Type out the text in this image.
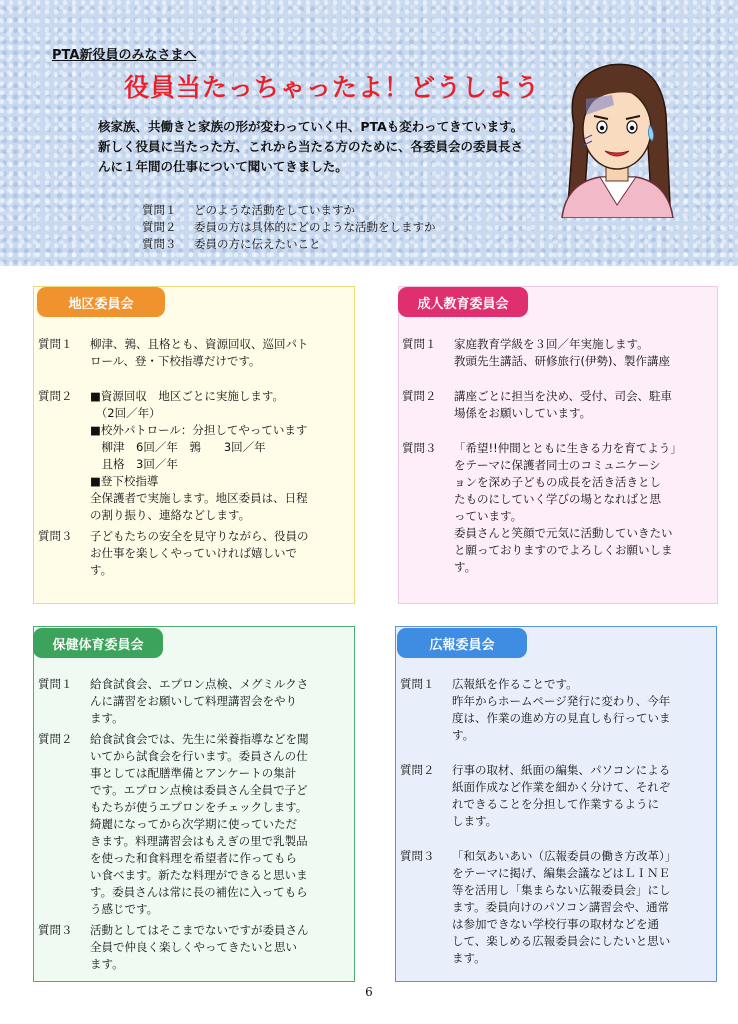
PTA新役員のみなさまへ
役員当たっちゃったよ！どうしよう
核家族、共働きと家族の形が変わっていく中、PTAも変わってきています。
新しく役員に当たった方、これから当たる方のために、各委員会の委員長さ
んに１年間の仕事について聞いてきました。
質問１	どのような活動をしていますか
質問２	委員の方は具体的にどのような活動をしますか
質問３	委員の方に伝えたいこと
地区委員会
質問１	柳津、鶉、且格とも、資源回収、巡回パト
ロール、登・下校指導だけです。
質問２	■資源回収　地区ごとに実施します。
　（2回／年）
■校外パトロール：分担してやっています
　柳津　6回／年　鶉　　3回／年
　且格　3回／年
■登下校指導
全保護者で実施します。地区委員は、日程
の割り振り、連絡などします。
質問３	子どもたちの安全を見守りながら、役員の
お仕事を楽しくやっていければ嬉しいで
す。
成人教育委員会
質問１	家庭教育学級を３回／年実施します。
教頭先生講話、研修旅行(伊勢)、製作講座
質問２	講座ごとに担当を決め、受付、司会、駐車
場係をお願いしています。
質問３	「希望!!仲間とともに生きる力を育てよう」
をテーマに保護者同士のコミュニケーシ
ョンを深め子どもの成長を活き活きとし
たものにしていく学びの場となればと思
っています。
委員さんと笑顔で元気に活動していきたい
と願っておりますのでよろしくお願いしま
す。
保健体育委員会
質問１	給食試食会、エプロン点検、メグミルクさ
んに講習をお願いして料理講習会をやり
ます。
質問２	給食試食会では、先生に栄養指導などを聞
いてから試食会を行います。委員さんの仕
事としては配膳準備とアンケートの集計
です。エプロン点検は委員さん全員で子ど
もたちが使うエプロンをチェックします。
綺麗になってから次学期に使っていただ
きます。料理講習会はもえぎの里で乳製品
を使った和食料理を希望者に作ってもら
い食べます。新たな料理ができると思いま
す。委員さんは常に長の補佐に入ってもら
う感じです。
質問３	活動としてはそこまでないですが委員さん
全員で仲良く楽しくやってきたいと思い
ます。
広報委員会
質問１	広報紙を作ることです。
昨年からホームページ発行に変わり、今年
度は、作業の進め方の見直しも行っていま
す。
質問２	行事の取材、紙面の編集、パソコンによる
紙面作成など作業を細かく分けて、それぞ
れできることを分担して作業するように
します。
質問３	「和気あいあい（広報委員の働き方改革）」
をテーマに掲げ、編集会議などはＬＩＮＥ
等を活用し「集まらない広報委員会」にし
ます。委員向けのパソコン講習会や、通常
は参加できない学校行事の取材などを通
して、楽しめる広報委員会にしたいと思い
ます。
6
